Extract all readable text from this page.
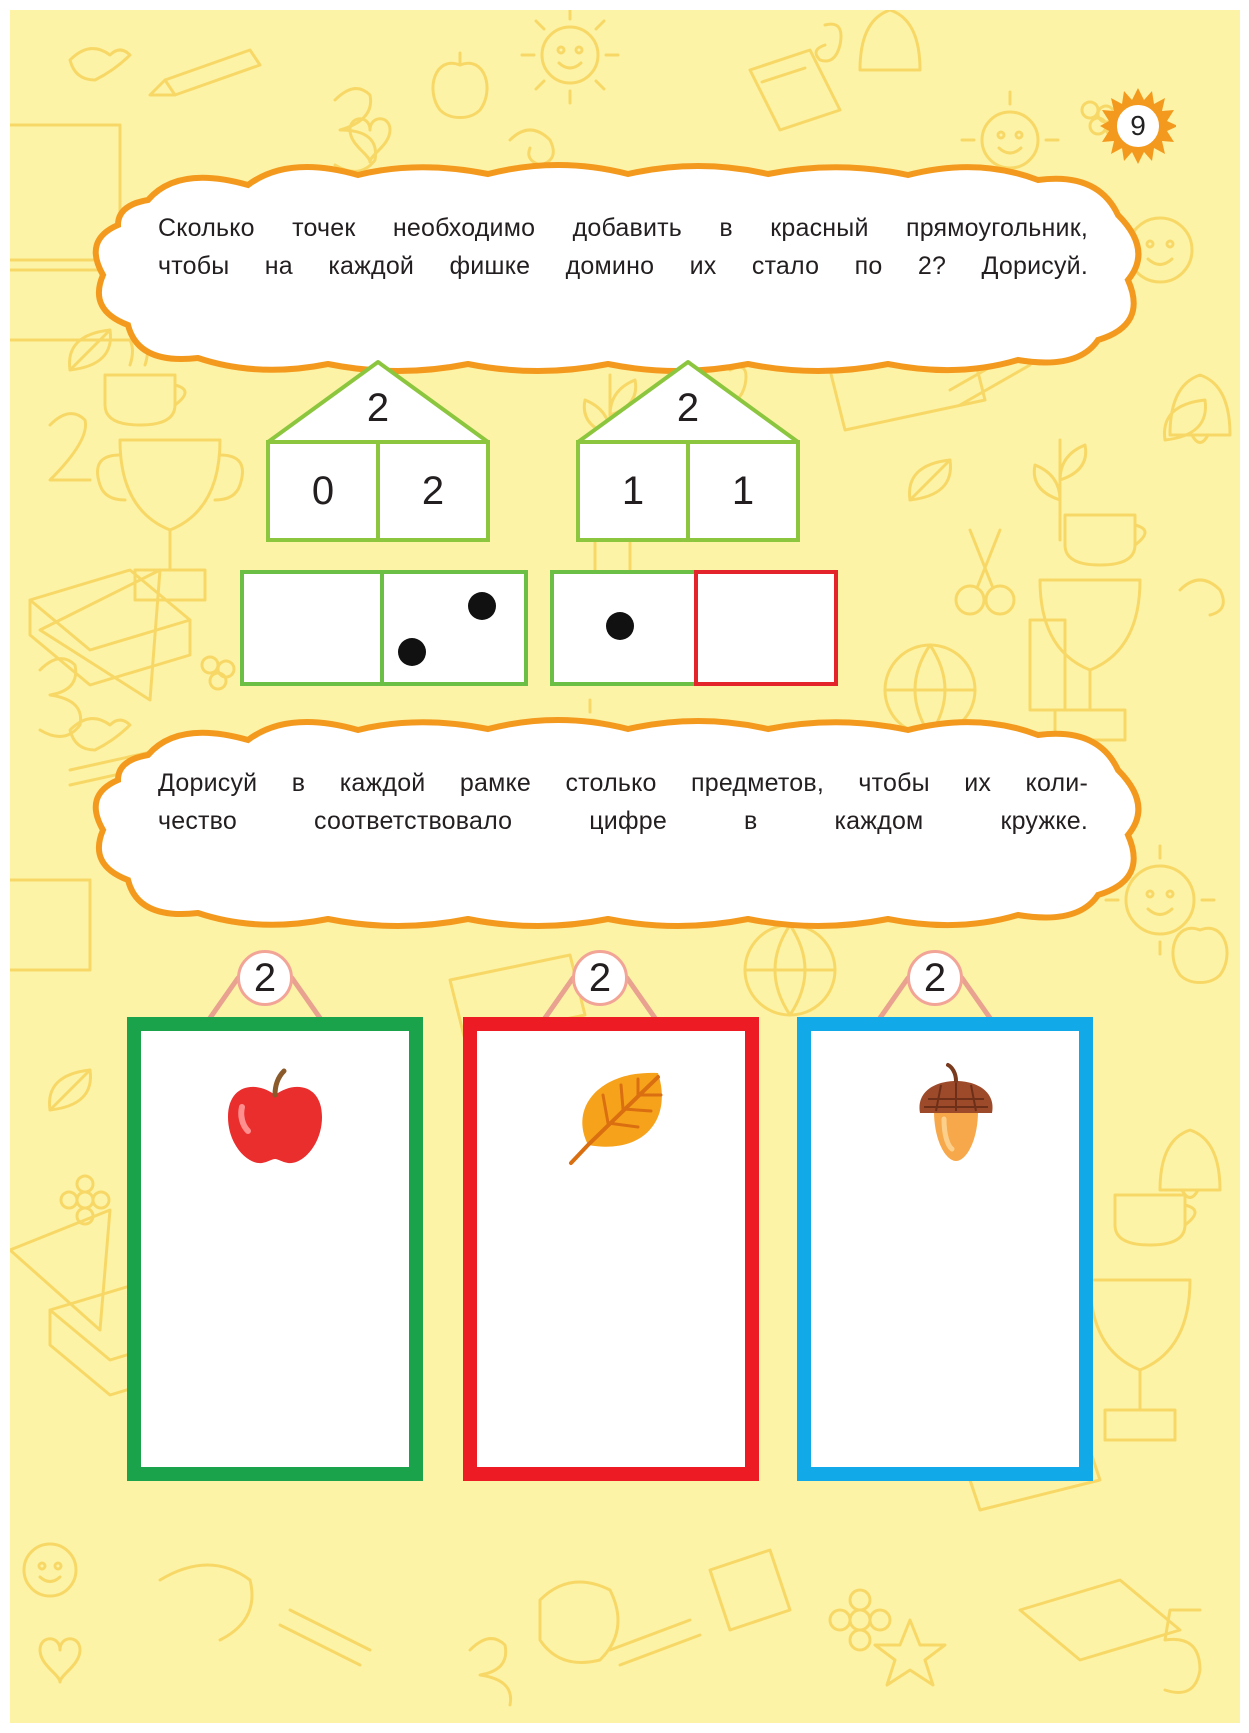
9
Сколько точек необходимо добавить в красный прямоугольник,
чтобы на каждой фишке домино их стало по 2? Дорисуй.
2
0	2
2
1	1
Дорисуй в каждой рамке столько предметов, чтобы их коли-
чество соответствовало цифре в каждом кружке.
2	2	2
